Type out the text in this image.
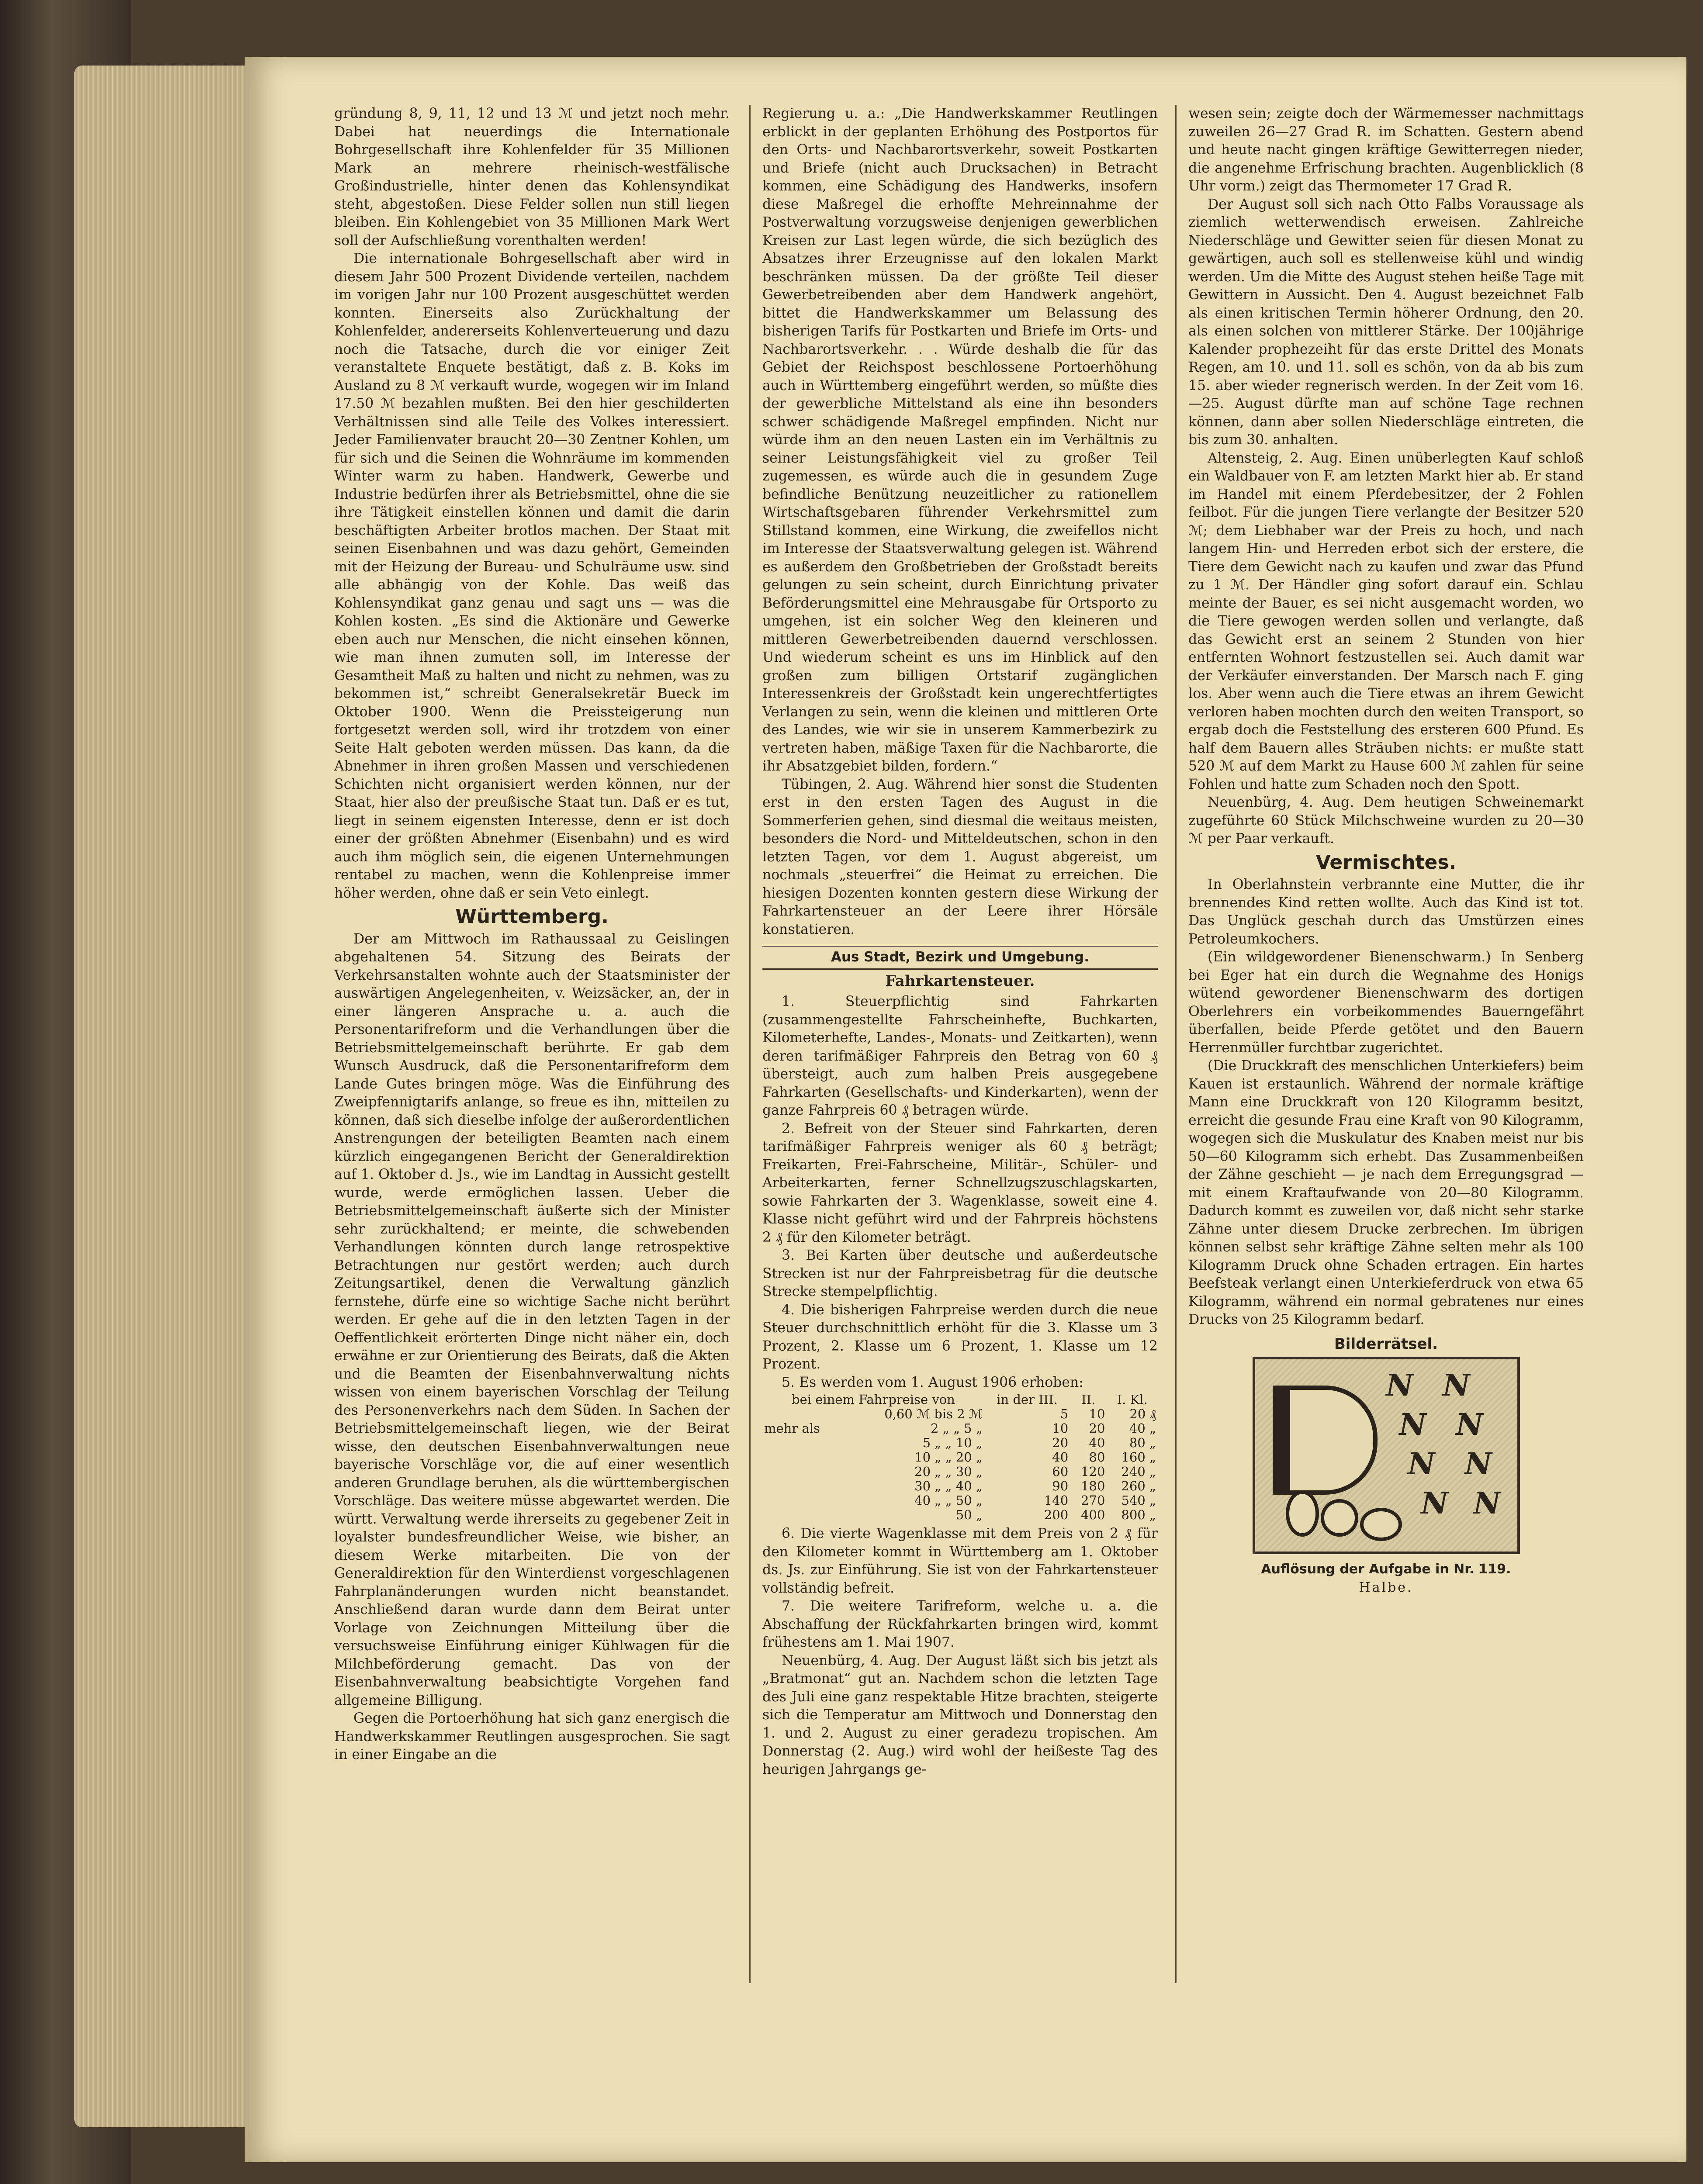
gründung 8, 9, 11, 12 und 13 ℳ und jetzt noch mehr. Dabei hat neuerdings die Internationale Bohrgesellschaft ihre Kohlenfelder für 35 Millionen Mark an mehrere rheinisch-westfälische Großindustrielle, hinter denen das Kohlensyndikat steht, abgestoßen. Diese Felder sollen nun still liegen bleiben. Ein Kohlengebiet von 35 Millionen Mark Wert soll der Aufschließung vorenthalten werden!

Die internationale Bohrgesellschaft aber wird in diesem Jahr 500 Prozent Dividende verteilen, nachdem im vorigen Jahr nur 100 Prozent ausgeschüttet werden konnten. Einerseits also Zurückhaltung der Kohlenfelder, andererseits Kohlenverteuerung und dazu noch die Tatsache, durch die vor einiger Zeit veranstaltete Enquete bestätigt, daß z. B. Koks im Ausland zu 8 ℳ verkauft wurde, wogegen wir im Inland 17.50 ℳ bezahlen mußten. Bei den hier geschilderten Verhältnissen sind alle Teile des Volkes interessiert. Jeder Familienvater braucht 20—30 Zentner Kohlen, um für sich und die Seinen die Wohnräume im kommenden Winter warm zu haben. Handwerk, Gewerbe und Industrie bedürfen ihrer als Betriebsmittel, ohne die sie ihre Tätigkeit einstellen können und damit die darin beschäftigten Arbeiter brotlos machen. Der Staat mit seinen Eisenbahnen und was dazu gehört, Gemeinden mit der Heizung der Bureau- und Schulräume usw. sind alle abhängig von der Kohle. Das weiß das Kohlensyndikat ganz genau und sagt uns — was die Kohlen kosten. „Es sind die Aktionäre und Gewerke eben auch nur Menschen, die nicht einsehen können, wie man ihnen zumuten soll, im Interesse der Gesamtheit Maß zu halten und nicht zu nehmen, was zu bekommen ist,“ schreibt Generalsekretär Bueck im Oktober 1900. Wenn die Preissteigerung nun fortgesetzt werden soll, wird ihr trotzdem von einer Seite Halt geboten werden müssen. Das kann, da die Abnehmer in ihren großen Massen und verschiedenen Schichten nicht organisiert werden können, nur der Staat, hier also der preußische Staat tun. Daß er es tut, liegt in seinem eigensten Interesse, denn er ist doch einer der größten Abnehmer (Eisenbahn) und es wird auch ihm möglich sein, die eigenen Unternehmungen rentabel zu machen, wenn die Kohlenpreise immer höher werden, ohne daß er sein Veto einlegt.

Württemberg.

Der am Mittwoch im Rathaussaal zu Geislingen abgehaltenen 54. Sitzung des Beirats der Verkehrsanstalten wohnte auch der Staatsminister der auswärtigen Angelegenheiten, v. Weizsäcker, an, der in einer längeren Ansprache u. a. auch die Personentarifreform und die Verhandlungen über die Betriebsmittelgemeinschaft berührte. Er gab dem Wunsch Ausdruck, daß die Personentarifreform dem Lande Gutes bringen möge. Was die Einführung des Zweipfennigtarifs anlange, so freue es ihn, mitteilen zu können, daß sich dieselbe infolge der außerordentlichen Anstrengungen der beteiligten Beamten nach einem kürzlich eingegangenen Bericht der Generaldirektion auf 1. Oktober d. Js., wie im Landtag in Aussicht gestellt wurde, werde ermöglichen lassen. Ueber die Betriebsmittelgemeinschaft äußerte sich der Minister sehr zurückhaltend; er meinte, die schwebenden Verhandlungen könnten durch lange retrospektive Betrachtungen nur gestört werden; auch durch Zeitungsartikel, denen die Verwaltung gänzlich fernstehe, dürfe eine so wichtige Sache nicht berührt werden. Er gehe auf die in den letzten Tagen in der Oeffentlichkeit erörterten Dinge nicht näher ein, doch erwähne er zur Orientierung des Beirats, daß die Akten und die Beamten der Eisenbahnverwaltung nichts wissen von einem bayerischen Vorschlag der Teilung des Personenverkehrs nach dem Süden. In Sachen der Betriebsmittelgemeinschaft liegen, wie der Beirat wisse, den deutschen Eisenbahnverwaltungen neue bayerische Vorschläge vor, die auf einer wesentlich anderen Grundlage beruhen, als die württembergischen Vorschläge. Das weitere müsse abgewartet werden. Die württ. Verwaltung werde ihrerseits zu gegebener Zeit in loyalster bundesfreundlicher Weise, wie bisher, an diesem Werke mitarbeiten. Die von der Generaldirektion für den Winterdienst vorgeschlagenen Fahrplanänderungen wurden nicht beanstandet. Anschließend daran wurde dann dem Beirat unter Vorlage von Zeichnungen Mitteilung über die versuchsweise Einführung einiger Kühlwagen für die Milchbeförderung gemacht. Das von der Eisenbahnverwaltung beabsichtigte Vorgehen fand allgemeine Billigung.

Gegen die Portoerhöhung hat sich ganz energisch die Handwerkskammer Reutlingen ausgesprochen. Sie sagt in einer Eingabe an die

Regierung u. a.: „Die Handwerkskammer Reutlingen erblickt in der geplanten Erhöhung des Postportos für den Orts- und Nachbarortsverkehr, soweit Postkarten und Briefe (nicht auch Drucksachen) in Betracht kommen, eine Schädigung des Handwerks, insofern diese Maßregel die erhoffte Mehreinnahme der Postverwaltung vorzugsweise denjenigen gewerblichen Kreisen zur Last legen würde, die sich bezüglich des Absatzes ihrer Erzeugnisse auf den lokalen Markt beschränken müssen. Da der größte Teil dieser Gewerbetreibenden aber dem Handwerk angehört, bittet die Handwerkskammer um Belassung des bisherigen Tarifs für Postkarten und Briefe im Orts- und Nachbarortsverkehr. . . Würde deshalb die für das Gebiet der Reichspost beschlossene Portoerhöhung auch in Württemberg eingeführt werden, so müßte dies der gewerbliche Mittelstand als eine ihn besonders schwer schädigende Maßregel empfinden. Nicht nur würde ihm an den neuen Lasten ein im Verhältnis zu seiner Leistungsfähigkeit viel zu großer Teil zugemessen, es würde auch die in gesundem Zuge befindliche Benützung neuzeitlicher zu rationellem Wirtschaftsgebaren führender Verkehrsmittel zum Stillstand kommen, eine Wirkung, die zweifellos nicht im Interesse der Staatsverwaltung gelegen ist. Während es außerdem den Großbetrieben der Großstadt bereits gelungen zu sein scheint, durch Einrichtung privater Beförderungsmittel eine Mehrausgabe für Ortsporto zu umgehen, ist ein solcher Weg den kleineren und mittleren Gewerbetreibenden dauernd verschlossen. Und wiederum scheint es uns im Hinblick auf den großen zum billigen Ortstarif zugänglichen Interessenkreis der Großstadt kein ungerechtfertigtes Verlangen zu sein, wenn die kleinen und mittleren Orte des Landes, wie wir sie in unserem Kammerbezirk zu vertreten haben, mäßige Taxen für die Nachbarorte, die ihr Absatzgebiet bilden, fordern.“

Tübingen, 2. Aug. Während hier sonst die Studenten erst in den ersten Tagen des August in die Sommerferien gehen, sind diesmal die weitaus meisten, besonders die Nord- und Mitteldeutschen, schon in den letzten Tagen, vor dem 1. August abgereist, um nochmals „steuerfrei“ die Heimat zu erreichen. Die hiesigen Dozenten konnten gestern diese Wirkung der Fahrkartensteuer an der Leere ihrer Hörsäle konstatieren.

Aus Stadt, Bezirk und Umgebung.
Fahrkartensteuer.

1. Steuerpflichtig sind Fahrkarten (zusammengestellte Fahrscheinhefte, Buchkarten, Kilometerhefte, Landes-, Monats- und Zeitkarten), wenn deren tarifmäßiger Fahrpreis den Betrag von 60 ₰ übersteigt, auch zum halben Preis ausgegebene Fahrkarten (Gesellschafts- und Kinderkarten), wenn der ganze Fahrpreis 60 ₰ betragen würde.

2. Befreit von der Steuer sind Fahrkarten, deren tarifmäßiger Fahrpreis weniger als 60 ₰ beträgt; Freikarten, Frei-Fahrscheine, Militär-, Schüler- und Arbeiterkarten, ferner Schnellzugszuschlagskarten, sowie Fahrkarten der 3. Wagenklasse, soweit eine 4. Klasse nicht geführt wird und der Fahrpreis höchstens 2 ₰ für den Kilometer beträgt.

3. Bei Karten über deutsche und außerdeutsche Strecken ist nur der Fahrpreisbetrag für die deutsche Strecke stempelpflichtig.

4. Die bisherigen Fahrpreise werden durch die neue Steuer durchschnittlich erhöht für die 3. Klasse um 3 Prozent, 2. Klasse um 6 Prozent, 1. Klasse um 12 Prozent.

5. Es werden vom 1. August 1906 erhoben:

bei einem Fahrpreise von		in der III.	II.	I. Kl.
	0,60 ℳ bis 2 ℳ	5	10	20 ₰
mehr als	2 „ „ 5 „	10	20	40 „
	5 „ „ 10 „	20	40	80 „
	10 „ „ 20 „	40	80	160 „
	20 „ „ 30 „	60	120	240 „
	30 „ „ 40 „	90	180	260 „
	40 „ „ 50 „	140	270	540 „
	50 „	200	400	800 „

6. Die vierte Wagenklasse mit dem Preis von 2 ₰ für den Kilometer kommt in Württemberg am 1. Oktober ds. Js. zur Einführung. Sie ist von der Fahrkartensteuer vollständig befreit.

7. Die weitere Tarifreform, welche u. a. die Abschaffung der Rückfahrkarten bringen wird, kommt frühestens am 1. Mai 1907.

Neuenbürg, 4. Aug. Der August läßt sich bis jetzt als „Bratmonat“ gut an. Nachdem schon die letzten Tage des Juli eine ganz respektable Hitze brachten, steigerte sich die Temperatur am Mittwoch und Donnerstag den 1. und 2. August zu einer geradezu tropischen. Am Donnerstag (2. Aug.) wird wohl der heißeste Tag des heurigen Jahrgangs ge-

wesen sein; zeigte doch der Wärmemesser nachmittags zuweilen 26—27 Grad R. im Schatten. Gestern abend und heute nacht gingen kräftige Gewitterregen nieder, die angenehme Erfrischung brachten. Augenblicklich (8 Uhr vorm.) zeigt das Thermometer 17 Grad R.

Der August soll sich nach Otto Falbs Voraussage als ziemlich wetterwendisch erweisen. Zahlreiche Niederschläge und Gewitter seien für diesen Monat zu gewärtigen, auch soll es stellenweise kühl und windig werden. Um die Mitte des August stehen heiße Tage mit Gewittern in Aussicht. Den 4. August bezeichnet Falb als einen kritischen Termin höherer Ordnung, den 20. als einen solchen von mittlerer Stärke. Der 100jährige Kalender prophezeiht für das erste Drittel des Monats Regen, am 10. und 11. soll es schön, von da ab bis zum 15. aber wieder regnerisch werden. In der Zeit vom 16.—25. August dürfte man auf schöne Tage rechnen können, dann aber sollen Niederschläge eintreten, die bis zum 30. anhalten.

Altensteig, 2. Aug. Einen unüberlegten Kauf schloß ein Waldbauer von F. am letzten Markt hier ab. Er stand im Handel mit einem Pferdebesitzer, der 2 Fohlen feilbot. Für die jungen Tiere verlangte der Besitzer 520 ℳ; dem Liebhaber war der Preis zu hoch, und nach langem Hin- und Herreden erbot sich der erstere, die Tiere dem Gewicht nach zu kaufen und zwar das Pfund zu 1 ℳ. Der Händler ging sofort darauf ein. Schlau meinte der Bauer, es sei nicht ausgemacht worden, wo die Tiere gewogen werden sollen und verlangte, daß das Gewicht erst an seinem 2 Stunden von hier entfernten Wohnort festzustellen sei. Auch damit war der Verkäufer einverstanden. Der Marsch nach F. ging los. Aber wenn auch die Tiere etwas an ihrem Gewicht verloren haben mochten durch den weiten Transport, so ergab doch die Feststellung des ersteren 600 Pfund. Es half dem Bauern alles Sträuben nichts: er mußte statt 520 ℳ auf dem Markt zu Hause 600 ℳ zahlen für seine Fohlen und hatte zum Schaden noch den Spott.

Neuenbürg, 4. Aug. Dem heutigen Schweinemarkt zugeführte 60 Stück Milchschweine wurden zu 20—30 ℳ per Paar verkauft.

Vermischtes.

In Oberlahnstein verbrannte eine Mutter, die ihr brennendes Kind retten wollte. Auch das Kind ist tot. Das Unglück geschah durch das Umstürzen eines Petroleumkochers.

(Ein wildgewordener Bienenschwarm.) In Senberg bei Eger hat ein durch die Wegnahme des Honigs wütend gewordener Bienenschwarm des dortigen Oberlehrers ein vorbeikommendes Bauerngefährt überfallen, beide Pferde getötet und den Bauern Herrenmüller furchtbar zugerichtet.

(Die Druckkraft des menschlichen Unterkiefers) beim Kauen ist erstaunlich. Während der normale kräftige Mann eine Druckkraft von 120 Kilogramm besitzt, erreicht die gesunde Frau eine Kraft von 90 Kilogramm, wogegen sich die Muskulatur des Knaben meist nur bis 50—60 Kilogramm sich erhebt. Das Zusammenbeißen der Zähne geschieht — je nach dem Erregungsgrad — mit einem Kraftaufwande von 20—80 Kilogramm. Dadurch kommt es zuweilen vor, daß nicht sehr starke Zähne unter diesem Drucke zerbrechen. Im übrigen können selbst sehr kräftige Zähne selten mehr als 100 Kilogramm Druck ohne Schaden ertragen. Ein hartes Beefsteak verlangt einen Unterkieferdruck von etwa 65 Kilogramm, während ein normal gebratenes nur eines Drucks von 25 Kilogramm bedarf.

Bilderrätsel.
N N
N N
N N
N N
Auflösung der Aufgabe in Nr. 119.
Halbe.
